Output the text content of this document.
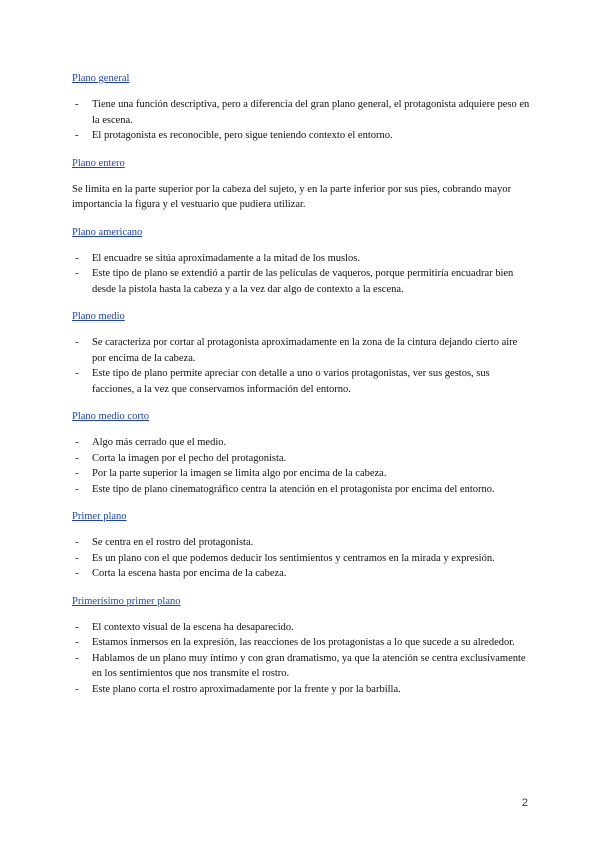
Plano general
- Tiene una función descriptiva, pero a diferencia del gran plano general, el protagonista adquiere peso en la escena.
- El protagonista es reconocible, pero sigue teniendo contexto el entorno.
Plano entero

Se limita en la parte superior por la cabeza del sujeto, y en la parte inferior por sus pies, cobrando mayor importancia la figura y el vestuario que pudiera utilizar.

Plano americano
- El encuadre se sitúa aproximadamente a la mitad de los muslos.
- Este tipo de plano se extendió a partir de las películas de vaqueros, porque permitiría encuadrar bien desde la pistola hasta la cabeza y a la vez dar algo de contexto a la escena.
Plano medio
- Se caracteriza por cortar al protagonista aproximadamente en la zona de la cintura dejando cierto aire por encima de la cabeza.
- Este tipo de plano permite apreciar con detalle a uno o varios protagonistas, ver sus gestos, sus facciones, a la vez que conservamos información del entorno.
Plano medio corto
- Algo más cerrado que el medio.
- Corta la imagen por el pecho del protagonista.
- Por la parte superior la imagen se limita algo por encima de la cabeza.
- Este tipo de plano cinematográfico centra la atención en el protagonista por encima del entorno.
Primer plano
- Se centra en el rostro del protagonista.
- Es un plano con el que podemos deducir los sentimientos y centramos en la mirada y expresión.
- Corta la escena hasta por encima de la cabeza.
Primerísimo primer plano
- El contexto visual de la escena ha desaparecido.
- Estamos inmersos en la expresión, las reacciones de los protagonistas a lo que sucede a su alrededor.
- Hablamos de un plano muy íntimo y con gran dramatismo, ya que la atención se centra exclusivamente en los sentimientos que nos transmite el rostro.
- Este plano corta el rostro aproximadamente por la frente y por la barbilla.
2
